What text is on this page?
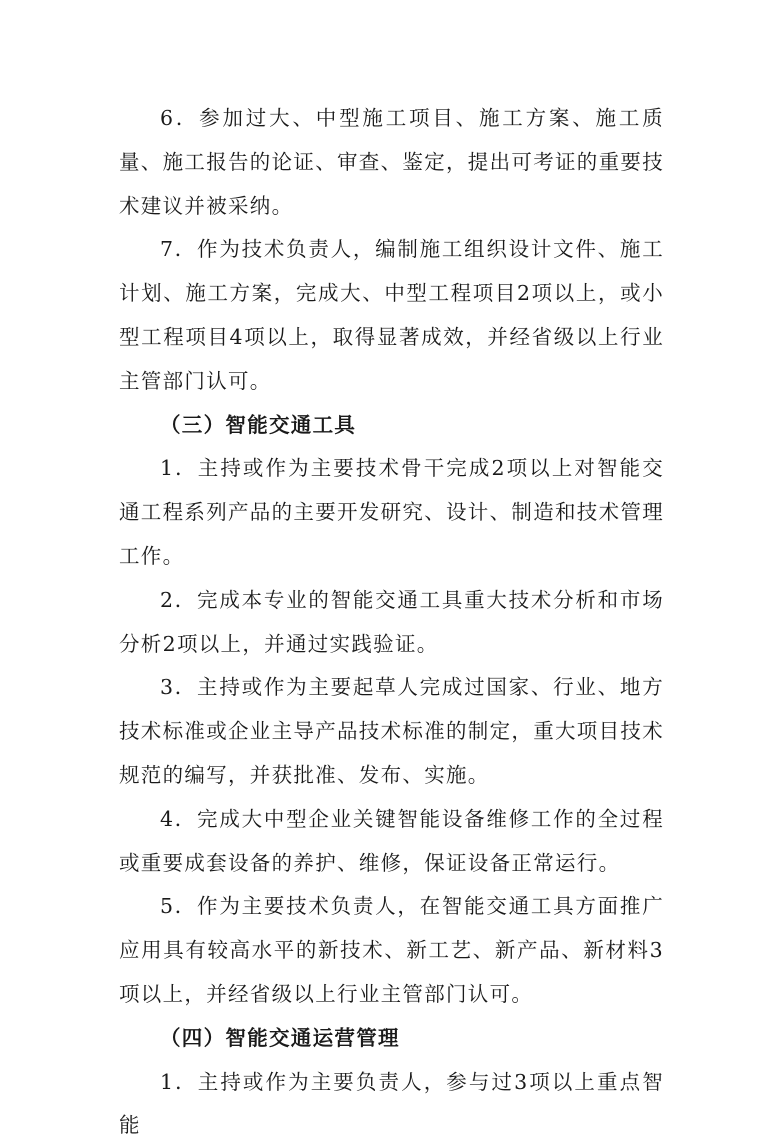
6．参加过大、中型施工项目、施工方案、施工质量、施工报告的论证、审查、鉴定，提出可考证的重要技术建议并被采纳。

7．作为技术负责人，编制施工组织设计文件、施工计划、施工方案，完成大、中型工程项目2项以上，或小型工程项目4项以上，取得显著成效，并经省级以上行业主管部门认可。

（三）智能交通工具

1．主持或作为主要技术骨干完成2项以上对智能交通工程系列产品的主要开发研究、设计、制造和技术管理工作。

2．完成本专业的智能交通工具重大技术分析和市场分析2项以上，并通过实践验证。

3．主持或作为主要起草人完成过国家、行业、地方技术标准或企业主导产品技术标准的制定，重大项目技术规范的编写，并获批准、发布、实施。

4．完成大中型企业关键智能设备维修工作的全过程或重要成套设备的养护、维修，保证设备正常运行。

5．作为主要技术负责人，在智能交通工具方面推广应用具有较高水平的新技术、新工艺、新产品、新材料3项以上，并经省级以上行业主管部门认可。

（四）智能交通运营管理

1．主持或作为主要负责人，参与过3项以上重点智能
